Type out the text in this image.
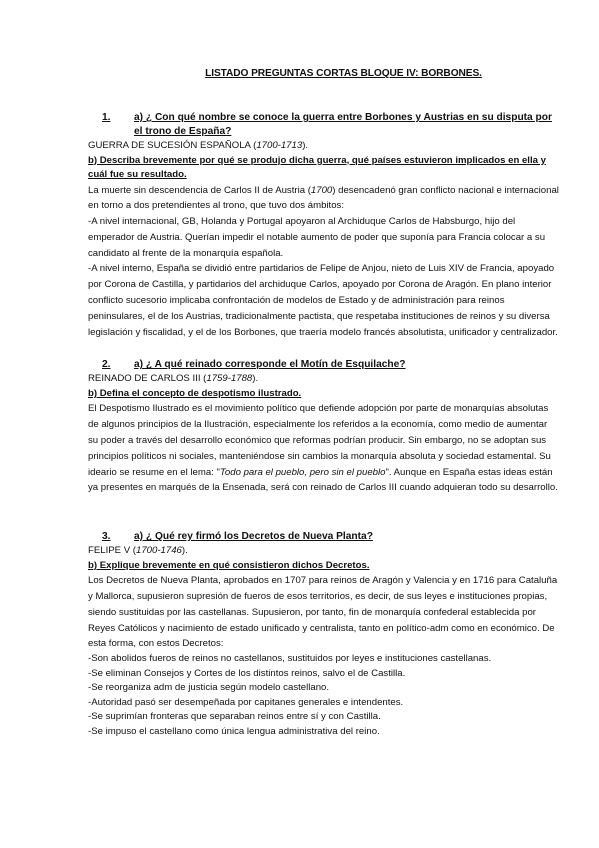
LISTADO PREGUNTAS CORTAS BLOQUE IV: BORBONES.
1.	a) ¿ Con qué nombre se conoce la guerra entre Borbones y Austrias en su disputa por el trono de España?

GUERRA DE SUCESIÓN ESPAÑOLA (1700-1713).

b) Describa brevemente por qué se produjo dicha guerra, qué países estuvieron implicados en ella y cuál fue su resultado.

La muerte sin descendencia de Carlos II de Austria (1700) desencadenó gran conflicto nacional e internacional en torno a dos pretendientes al trono, que tuvo dos ámbitos:

-A nivel internacional, GB, Holanda y Portugal apoyaron al Archiduque Carlos de Habsburgo, hijo del emperador de Austria. Querían impedir el notable aumento de poder que suponía para Francia colocar a su candidato al frente de la monarquía española.

-A nivel interno, España se dividió entre partidarios de Felipe de Anjou, nieto de Luis XIV de Francia, apoyado por Corona de Castilla, y partidarios del archiduque Carlos, apoyado por Corona de Aragón. En plano interior conflicto sucesorio implicaba confrontación de modelos de Estado y de administración para reinos peninsulares, el de los Austrias, tradicionalmente pactista, que respetaba instituciones de reinos y su diversa legislación y fiscalidad, y el de los Borbones, que traería modelo francés absolutista, unificador y centralizador.

2.	a) ¿ A qué reinado corresponde el Motín de Esquilache?

REINADO DE CARLOS III (1759-1788).

b) Defina el concepto de despotismo ilustrado.

El Despotismo Ilustrado es el movimiento político que defiende adopción por parte de monarquías absolutas de algunos principios de la Ilustración, especialmente los referidos a la economía, como medio de aumentar su poder a través del desarrollo económico que reformas podrían producir. Sin embargo, no se adoptan sus principios políticos ni sociales, manteniéndose sin cambios la monarquía absoluta y sociedad estamental. Su ideario se resume en el lema: "Todo para el pueblo, pero sin el pueblo". Aunque en España estas ideas están ya presentes en marqués de la Ensenada, será con reinado de Carlos III cuando adquieran todo su desarrollo.

3.	a) ¿ Qué rey firmó los Decretos de Nueva Planta?

FELIPE V (1700-1746).

b) Explique brevemente en qué consistieron dichos Decretos.

Los Decretos de Nueva Planta, aprobados en 1707 para reinos de Aragón y Valencia y en 1716 para Cataluña y Mallorca, supusieron supresión de fueros de esos territorios, es decir, de sus leyes e instituciones propias, siendo sustituidas por las castellanas. Supusieron, por tanto, fin de monarquía confederal establecida por Reyes Católicos y nacimiento de estado unificado y centralista, tanto en político-adm como en económico. De esta forma, con estos Decretos:

-Son abolidos fueros de reinos no castellanos, sustituidos por leyes e instituciones castellanas.

-Se eliminan Consejos y Cortes de los distintos reinos, salvo el de Castilla.

-Se reorganiza adm de justicia según modelo castellano.

-Autoridad pasó ser desempeñada por capitanes generales e intendentes.

-Se suprimían fronteras que separaban reinos entre sí y con Castilla.

-Se impuso el castellano como única lengua administrativa del reino.
